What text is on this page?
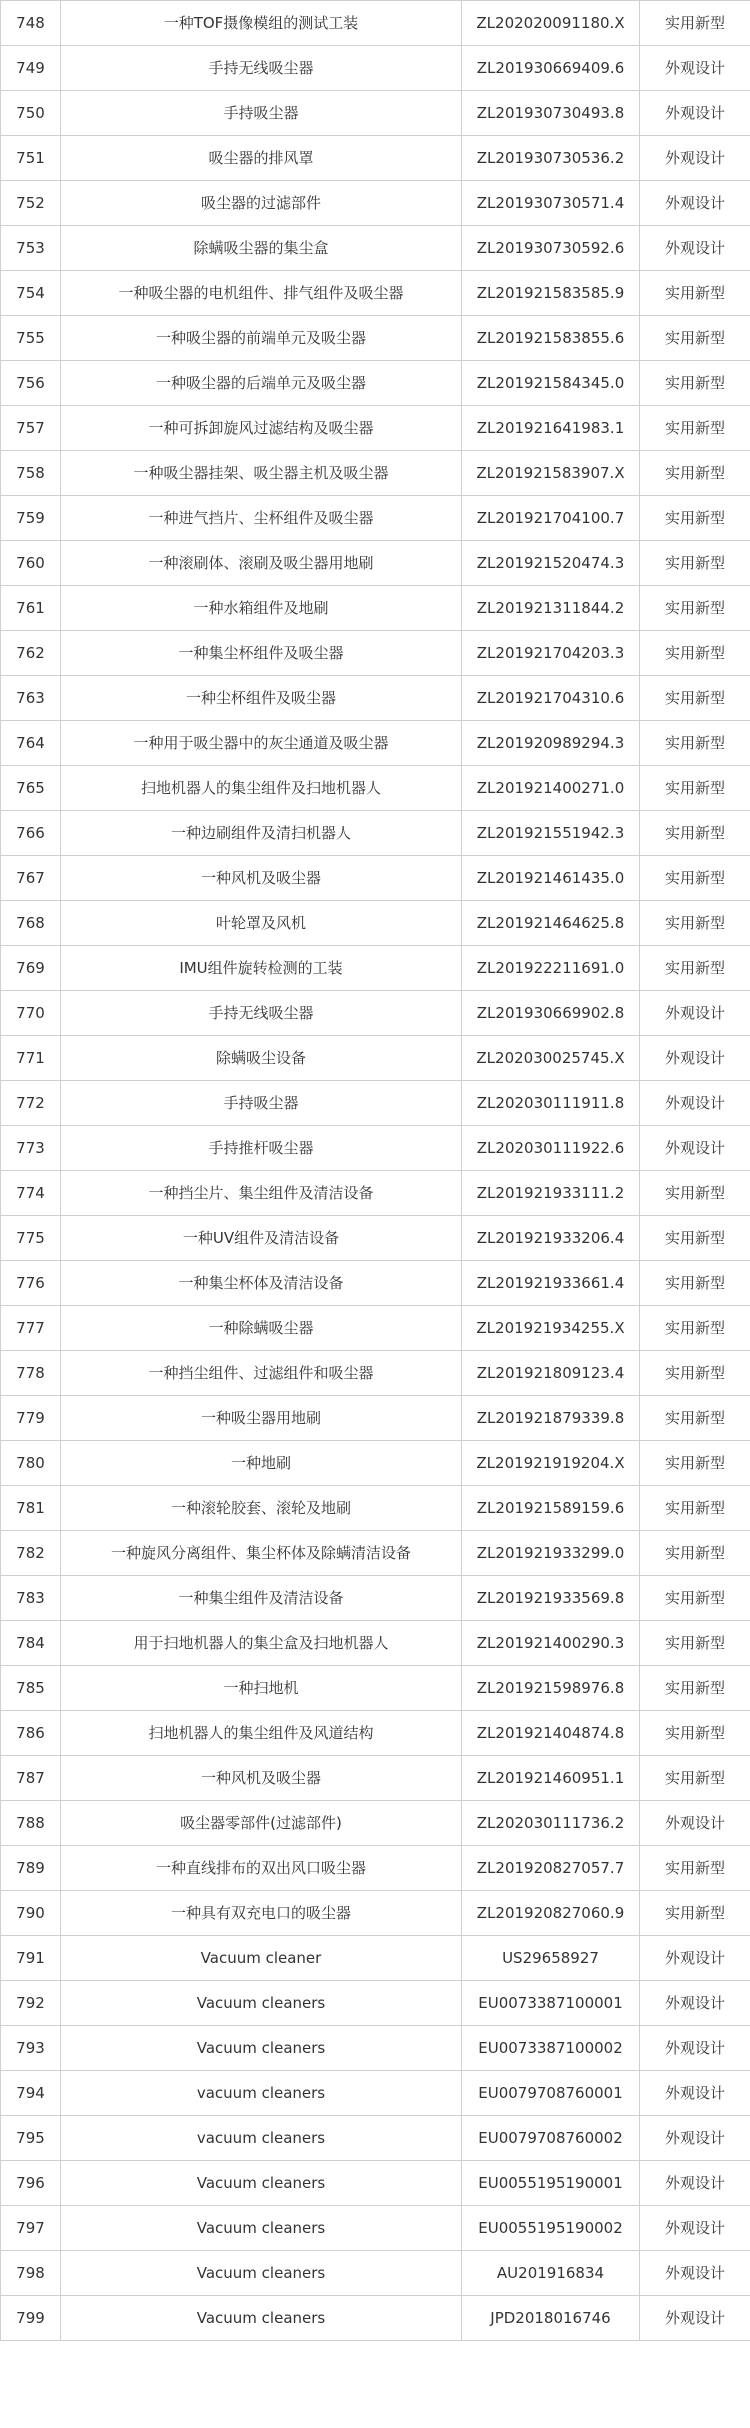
748	一种TOF摄像模组的测试工装	ZL202020091180.X	实用新型
749	手持无线吸尘器	ZL201930669409.6	外观设计
750	手持吸尘器	ZL201930730493.8	外观设计
751	吸尘器的排风罩	ZL201930730536.2	外观设计
752	吸尘器的过滤部件	ZL201930730571.4	外观设计
753	除螨吸尘器的集尘盒	ZL201930730592.6	外观设计
754	一种吸尘器的电机组件、排气组件及吸尘器	ZL201921583585.9	实用新型
755	一种吸尘器的前端单元及吸尘器	ZL201921583855.6	实用新型
756	一种吸尘器的后端单元及吸尘器	ZL201921584345.0	实用新型
757	一种可拆卸旋风过滤结构及吸尘器	ZL201921641983.1	实用新型
758	一种吸尘器挂架、吸尘器主机及吸尘器	ZL201921583907.X	实用新型
759	一种进气挡片、尘杯组件及吸尘器	ZL201921704100.7	实用新型
760	一种滚刷体、滚刷及吸尘器用地刷	ZL201921520474.3	实用新型
761	一种水箱组件及地刷	ZL201921311844.2	实用新型
762	一种集尘杯组件及吸尘器	ZL201921704203.3	实用新型
763	一种尘杯组件及吸尘器	ZL201921704310.6	实用新型
764	一种用于吸尘器中的灰尘通道及吸尘器	ZL201920989294.3	实用新型
765	扫地机器人的集尘组件及扫地机器人	ZL201921400271.0	实用新型
766	一种边刷组件及清扫机器人	ZL201921551942.3	实用新型
767	一种风机及吸尘器	ZL201921461435.0	实用新型
768	叶轮罩及风机	ZL201921464625.8	实用新型
769	IMU组件旋转检测的工装	ZL201922211691.0	实用新型
770	手持无线吸尘器	ZL201930669902.8	外观设计
771	除螨吸尘设备	ZL202030025745.X	外观设计
772	手持吸尘器	ZL202030111911.8	外观设计
773	手持推杆吸尘器	ZL202030111922.6	外观设计
774	一种挡尘片、集尘组件及清洁设备	ZL201921933111.2	实用新型
775	一种UV组件及清洁设备	ZL201921933206.4	实用新型
776	一种集尘杯体及清洁设备	ZL201921933661.4	实用新型
777	一种除螨吸尘器	ZL201921934255.X	实用新型
778	一种挡尘组件、过滤组件和吸尘器	ZL201921809123.4	实用新型
779	一种吸尘器用地刷	ZL201921879339.8	实用新型
780	一种地刷	ZL201921919204.X	实用新型
781	一种滚轮胶套、滚轮及地刷	ZL201921589159.6	实用新型
782	一种旋风分离组件、集尘杯体及除螨清洁设备	ZL201921933299.0	实用新型
783	一种集尘组件及清洁设备	ZL201921933569.8	实用新型
784	用于扫地机器人的集尘盒及扫地机器人	ZL201921400290.3	实用新型
785	一种扫地机	ZL201921598976.8	实用新型
786	扫地机器人的集尘组件及风道结构	ZL201921404874.8	实用新型
787	一种风机及吸尘器	ZL201921460951.1	实用新型
788	吸尘器零部件(过滤部件)	ZL202030111736.2	外观设计
789	一种直线排布的双出风口吸尘器	ZL201920827057.7	实用新型
790	一种具有双充电口的吸尘器	ZL201920827060.9	实用新型
791	Vacuum cleaner	US29658927	外观设计
792	Vacuum cleaners	EU0073387100001	外观设计
793	Vacuum cleaners	EU0073387100002	外观设计
794	vacuum cleaners	EU0079708760001	外观设计
795	vacuum cleaners	EU0079708760002	外观设计
796	Vacuum cleaners	EU0055195190001	外观设计
797	Vacuum cleaners	EU0055195190002	外观设计
798	Vacuum cleaners	AU201916834	外观设计
799	Vacuum cleaners	JPD2018016746	外观设计
